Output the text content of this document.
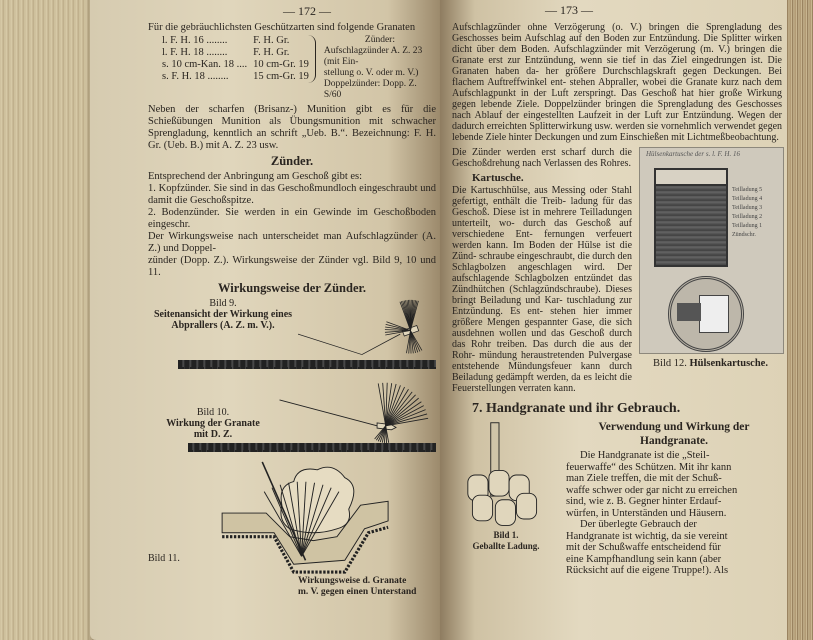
— 172 —
Für die gebräuchlichsten Geschützarten sind folgende Granaten
l. F. H. 16 ........	F. H. Gr.
l. F. H. 18 ........	F. H. Gr.
s. 10 cm-Kan. 18 .... 10 cm-Gr. 19
s. F. H. 18 ........	15 cm-Gr. 19
Zünder:
Aufschlagzünder A. Z. 23 (mit Ein-
stellung o. V. oder m. V.)
Doppelzünder: Dopp. Z. S/60
Neben der scharfen (Brisanz-) Munition gibt es für die Schießübungen Munition als Übungsmunition mit schwacher Sprengladung, kenntlich an schrift „Ueb. B.“. Bezeichnung: F. H. Gr. (Ueb. B.) mit A. Z. 23 usw.
Zünder.
Entsprechend der Anbringung am Geschoß gibt es:
1. Kopfzünder. Sie sind in das Geschoßmundloch eingeschraubt und damit die Geschoßspitze.
2. Bodenzünder. Sie werden in ein Gewinde im Geschoßboden eingeschr.
Der Wirkungsweise nach unterscheidet man Aufschlagzünder (A. Z.) und Doppel-
zünder (Dopp. Z.). Wirkungsweise der Zünder vgl. Bild 9, 10 und 11.
Wirkungsweise der Zünder.
Bild 9.
Seitenansicht der Wirkung eines
Abprallers (A. Z. m. V.).
Bild 10.
Wirkung der Granate
mit D. Z.
Bild 11.
Wirkungsweise d. Granate
m. V. gegen einen Unterstand
— 173 —
Aufschlagzünder ohne Verzögerung (o. V.) bringen die Sprengladung des Geschosses beim Aufschlag auf den Boden zur Entzündung. Die Splitter wirken dicht über dem Boden. Aufschlagzünder mit Verzögerung (m. V.) bringen die Granate erst zur Entzündung, wenn sie tief in das Ziel eingedrungen ist. Die Granaten haben da- her größere Durchschlagskraft gegen Deckungen. Bei flachem Auftreffwinkel ent- stehen Abpraller, wobei die Granate kurz nach dem Aufschlagpunkt in der Luft zerspringt. Das Geschoß hat hier große Wirkung gegen lebende Ziele. Doppelzünder bringen die Sprengladung des Geschosses nach Ablauf der eingestellten Laufzeit in der Luft zur Entzündung. Wegen der dadurch erreichten Splitterwirkung usw. werden sie vornehmlich verwendet gegen lebende Ziele hinter Deckungen und zum Einschießen mit Lichtmeßbeobachtung.
Die Zünder werden erst scharf durch die Geschoßdrehung nach Verlassen des Rohres.
Kartusche.
Die Kartuschhülse, aus Messing oder Stahl gefertigt, enthält die Treib- ladung für das Geschoß. Diese ist in mehrere Teilladungen unterteilt, wo- durch das Geschoß auf verschiedene Ent- fernungen verfeuert werden kann. Im Boden der Hülse ist die Zünd- schraube eingeschraubt, die durch den Schlagbolzen angeschlagen wird. Der aufschlagende Schlagbolzen entzündet das Zündhütchen (Schlagzündschraube). Dieses bringt Beiladung und Kar- tuschladung zur Entzündung. Es ent- stehen hier immer größere Mengen gespannter Gase, die sich ausdehnen wollen und das Geschoß durch das Rohr treiben. Das durch die aus der Rohr- mündung heraustretenden Pulvergase entstehende Mündungsfeuer kann durch Beiladung gedämpft werden, da es leicht die Feuerstellungen verraten kann.
Hülsenkartusche der s. l. F. H. 16
Teilladung 5
Teilladung 4
Teilladung 3
Teilladung 2
Teilladung 1
Zündschr.
Bild 12. Hülsenkartusche.
7. Handgranate und ihr Gebrauch.
Bild 1.
Geballte Ladung.
Verwendung und Wirkung der
Handgranate.
Die Handgranate ist die „Steil-
feuerwaffe“ des Schützen. Mit ihr kann
man Ziele treffen, die mit der Schuß-
waffe schwer oder gar nicht zu erreichen
sind, wie z. B. Gegner hinter Erdauf-
würfen, in Unterständen und Häusern.
Der überlegte Gebrauch der
Handgranate ist wichtig, da sie vereint
mit der Schußwaffe entscheidend für
eine Kampfhandlung sein kann (aber
Rücksicht auf die eigene Truppe!). Als
